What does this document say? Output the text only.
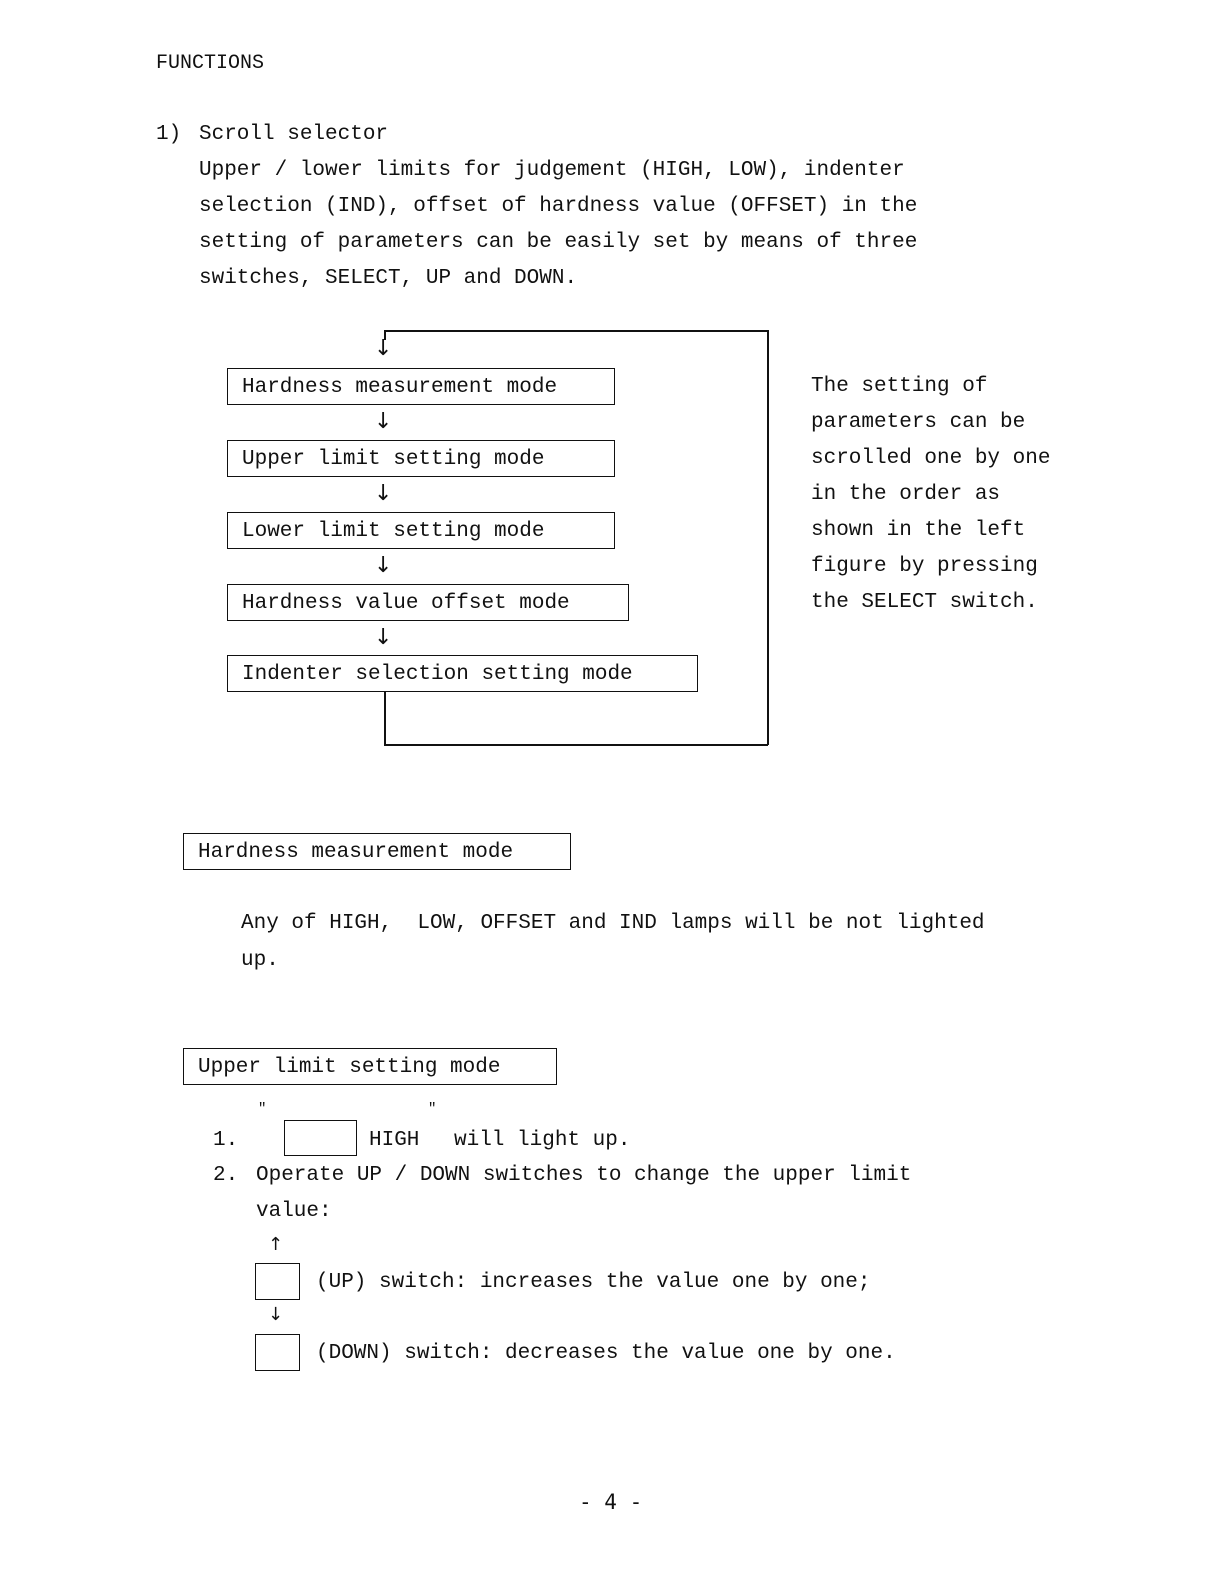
FUNCTIONS
1) Scroll selector
Upper / lower limits for judgement (HIGH, LOW), indenter
selection (IND), offset of hardness value (OFFSET) in the
setting of parameters can be easily set by means of three
switches, SELECT, UP and DOWN.
↓
↓
↓
↓
↓
Hardness measurement mode
Upper limit setting mode
Lower limit setting mode
Hardness value offset mode
Indenter selection setting mode
The setting of
parameters can be
scrolled one by one
in the order as
shown in the left
figure by pressing
the SELECT switch.
Hardness measurement mode
Any of HIGH,  LOW, OFFSET and IND lamps will be not lighted
up.
Upper limit setting mode
"	"
1.	HIGH will light up.
2. Operate UP / DOWN switches to change the upper limit
value:
↑
(UP) switch: increases the value one by one;
↓
(DOWN) switch: decreases the value one by one.
- 4 -
